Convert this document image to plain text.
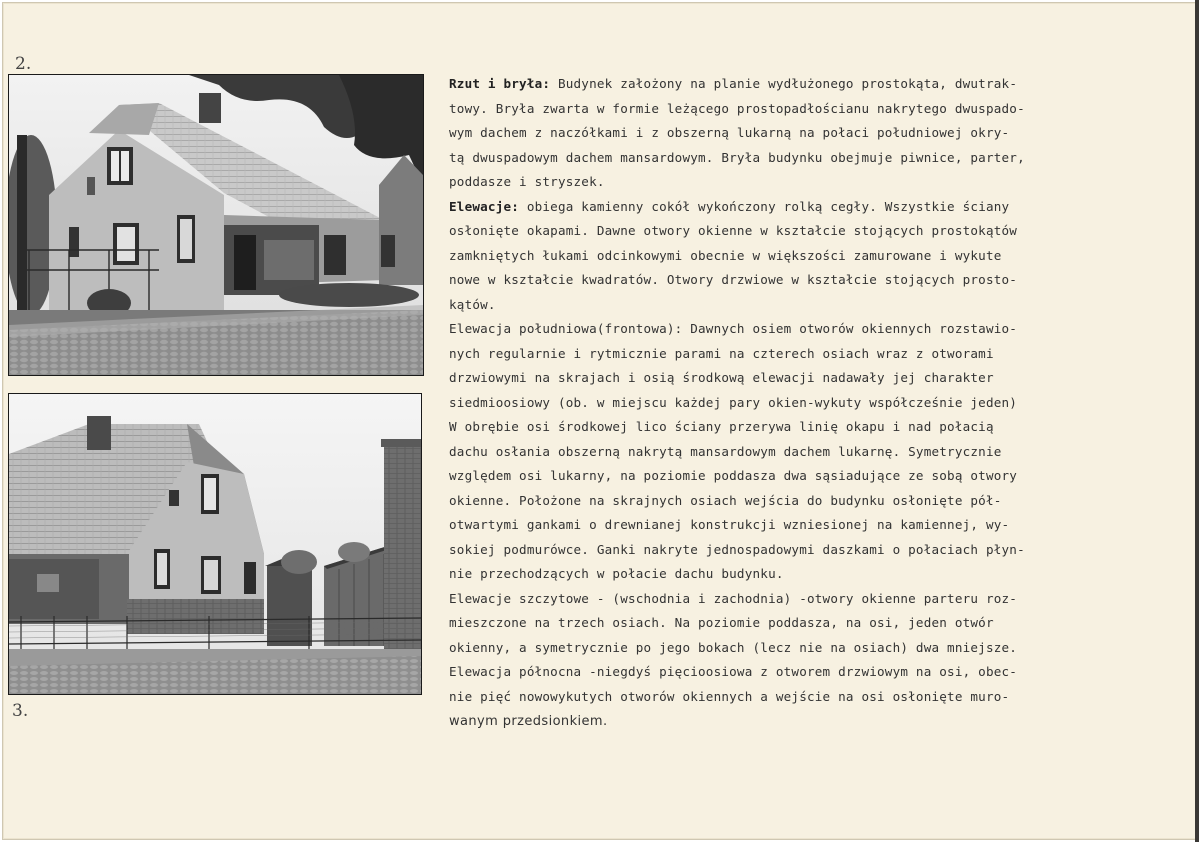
2.
3.

Rzut i bryła: Budynek założony na planie wydłużonego prostokąta, dwutrak-

towy. Bryła zwarta w formie leżącego prostopadłościanu nakrytego dwuspado-

wym dachem z naczółkami i z obszerną lukarną na połaci południowej okry-

tą dwuspadowym dachem mansardowym. Bryła budynku obejmuje piwnice, parter,

poddasze i stryszek.

Elewacje: obiega kamienny cokół wykończony rolką cegły. Wszystkie ściany

osłonięte okapami. Dawne otwory okienne w kształcie stojących prostokątów

zamkniętych łukami odcinkowymi obecnie w większości zamurowane i wykute

nowe w kształcie kwadratów. Otwory drzwiowe w kształcie stojących prosto-

kątów.

Elewacja południowa(frontowa): Dawnych osiem otworów okiennych rozstawio-

nych regularnie i rytmicznie parami na czterech osiach wraz z otworami

drzwiowymi na skrajach i osią środkową elewacji nadawały jej charakter

siedmioosiowy (ob. w miejscu każdej pary okien-wykuty współcześnie jeden)

W obrębie osi środkowej lico ściany przerywa linię okapu i nad połacią

dachu osłania obszerną nakrytą mansardowym dachem lukarnę. Symetrycznie

względem osi lukarny, na poziomie poddasza dwa sąsiadujące ze sobą otwory

okienne. Położone na skrajnych osiach wejścia do budynku osłonięte pół-

otwartymi gankami o drewnianej konstrukcji wzniesionej na kamiennej, wy-

sokiej podmurówce. Ganki nakryte jednospadowymi daszkami o połaciach płyn-

nie przechodzących w połacie dachu budynku.

Elewacje szczytowe - (wschodnia i zachodnia) -otwory okienne parteru roz-

mieszczone na trzech osiach. Na poziomie poddasza, na osi, jeden otwór

okienny, a symetrycznie po jego bokach (lecz nie na osiach) dwa mniejsze.

Elewacja północna -niegdyś pięcioosiowa z otworem drzwiowym na osi, obec-

nie pięć nowowykutych otworów okiennych a wejście na osi osłonięte muro-

wanym przedsionkiem.
